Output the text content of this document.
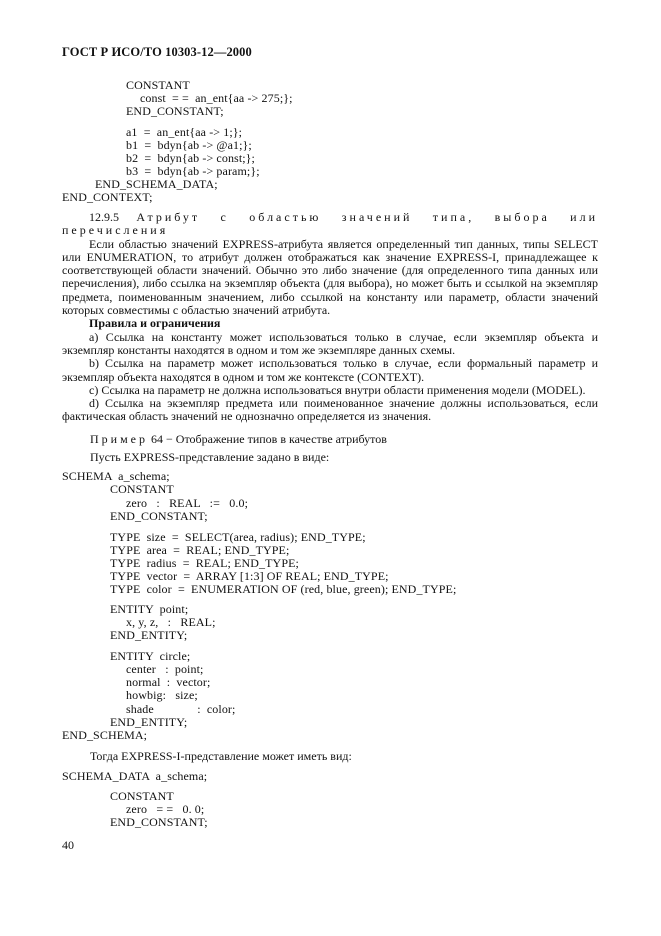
ГОСТ Р ИСО/ТО 10303-12—2000
CONSTANT
const  = =  an_ent{aa -> 275;};
END_CONSTANT;
a1  =  an_ent{aa -> 1;};
b1  =  bdyn{ab -> @a1;};
b2  =  bdyn{ab -> const;};
b3  =  bdyn{ab -> param;};
END_SCHEMA_DATA;
END_CONTEXT;

12.9.5 Атрибут с областью значений типа, выбора или перечисления

Если областью значений EXPRESS-атрибута является определенный тип данных, типы SELECT или ENUMERATION, то атрибут должен отображаться как значение EXPRESS-I, принадлежащее к соответствующей области значений. Обычно это либо значение (для определенного типа данных или перечисления), либо ссылка на экземпляр объекта (для выбора), но может быть и ссылкой на экземпляр предмета, поименованным значением, либо ссылкой на константу или параметр, области значений которых совместимы с областью значений атрибута.

Правила и ограничения

a) Ссылка на константу может использоваться только в случае, если экземпляр объекта и экземпляр константы находятся в одном и том же экземпляре данных схемы.

b) Ссылка на параметр может использоваться только в случае, если формальный параметр и экземпляр объекта находятся в одном и том же контексте (CONTEXT).

c) Ссылка на параметр не должна использоваться внутри области применения модели (MODEL).

d) Ссылка на экземпляр предмета или поименованное значение должны использоваться, если фактическая область значений не однозначно определяется из значения.

П р и м е р  64 − Отображение типов в качестве атрибутов
Пусть EXPRESS-представление задано в виде:
SCHEMA  a_schema;
CONSTANT
zero   :   REAL   :=   0.0;
END_CONSTANT;
TYPE  size  =  SELECT(area, radius); END_TYPE;
TYPE  area  =  REAL; END_TYPE;
TYPE  radius  =  REAL; END_TYPE;
TYPE  vector  =  ARRAY [1:3] OF REAL; END_TYPE;
TYPE  color  =  ENUMERATION OF (red, blue, green); END_TYPE;
ENTITY  point;
x, y, z,   :   REAL;
END_ENTITY;
ENTITY  circle;
center   :  point;
normal  :  vector;
howbig:   size;
shade              :  color;
END_ENTITY;
END_SCHEMA;
Тогда EXPRESS-I-представление может иметь вид:
SCHEMA_DATA  a_schema;
CONSTANT
zero   = =   0. 0;
END_CONSTANT;
40
